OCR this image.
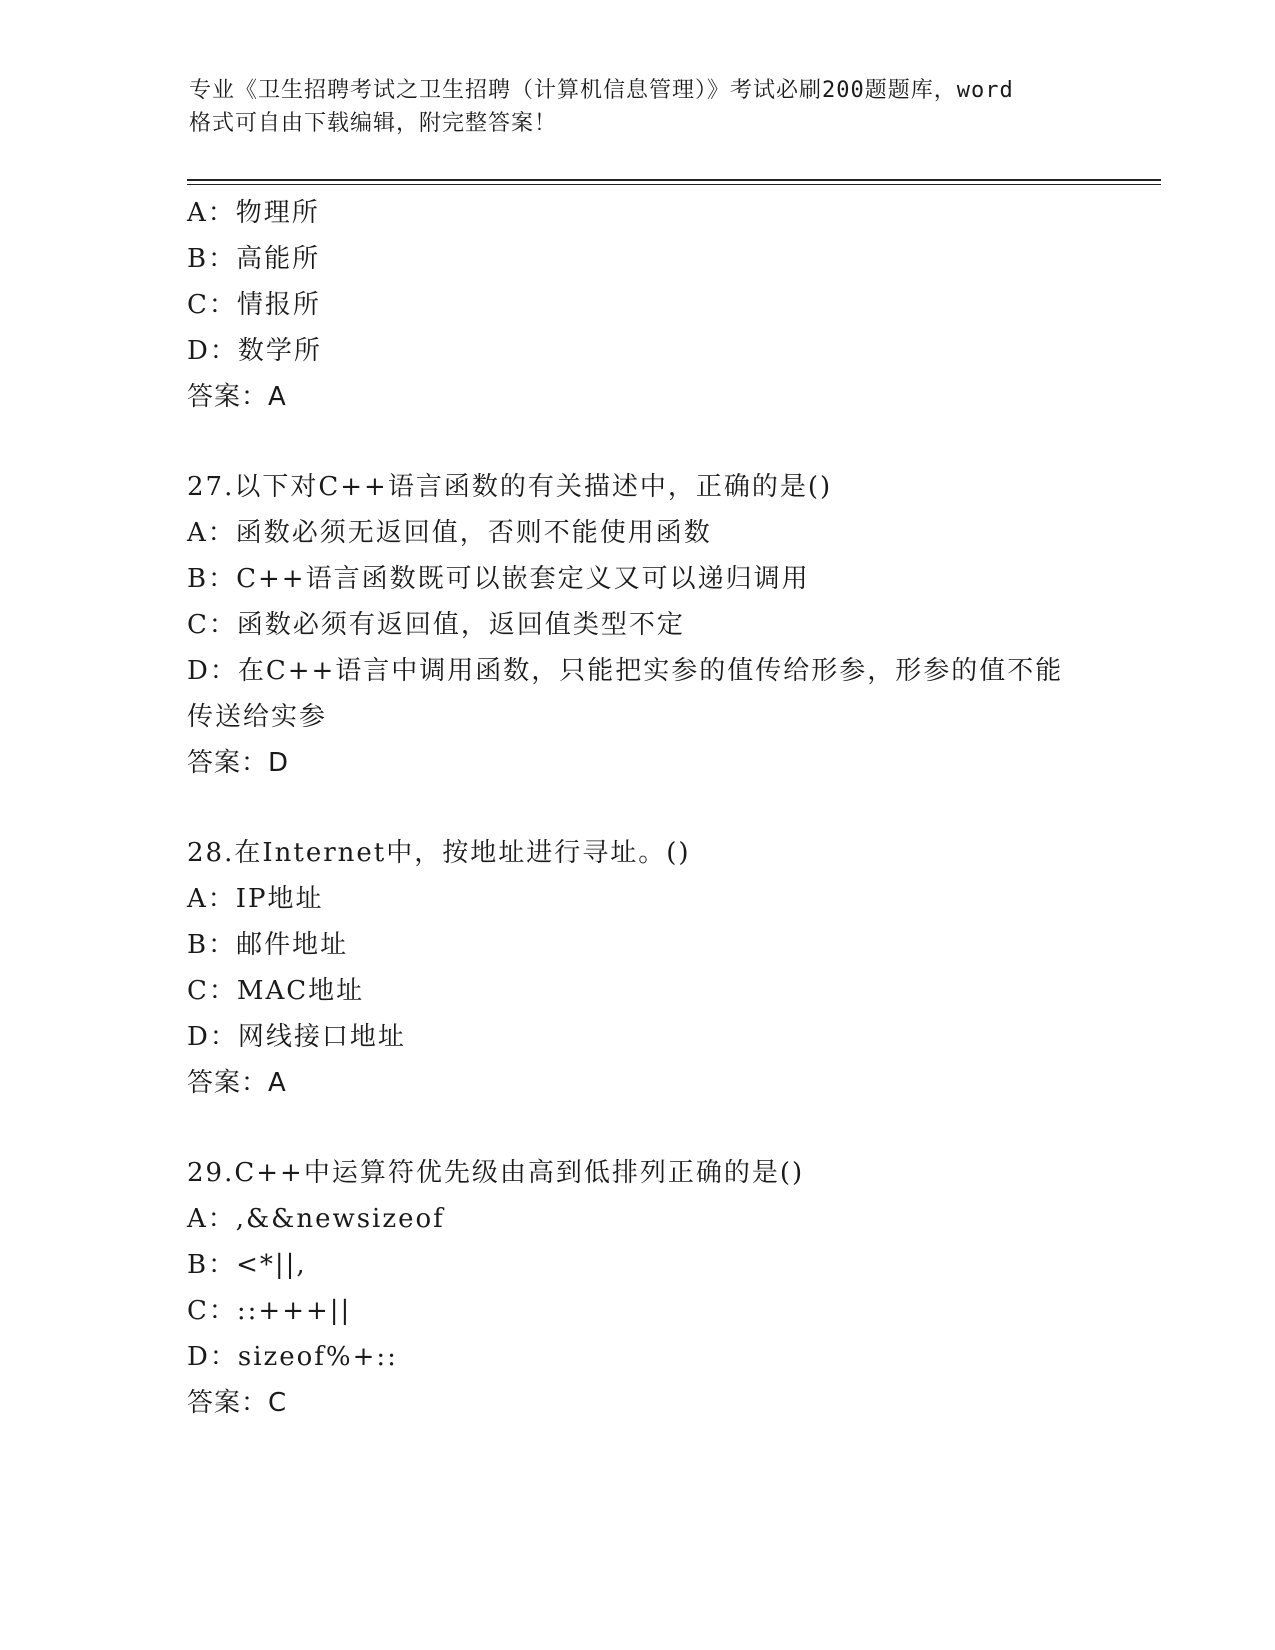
专业《卫生招聘考试之卫生招聘（计算机信息管理）》考试必刷200题题库，word
格式可自由下载编辑，附完整答案！
A：物理所
B：高能所
C：情报所
D：数学所
答案：A
27.以下对C++语言函数的有关描述中，正确的是()
A：函数必须无返回值，否则不能使用函数
B：C++语言函数既可以嵌套定义又可以递归调用
C：函数必须有返回值，返回值类型不定
D：在C++语言中调用函数，只能把实参的值传给形参，形参的值不能
传送给实参
答案：D
28.在Internet中，按地址进行寻址。()
A：IP地址
B：邮件地址
C：MAC地址
D：网线接口地址
答案：A
29.C++中运算符优先级由高到低排列正确的是()
A：,&&newsizeof
B：<*||,
C：::+++||
D：sizeof%+::
答案：C
